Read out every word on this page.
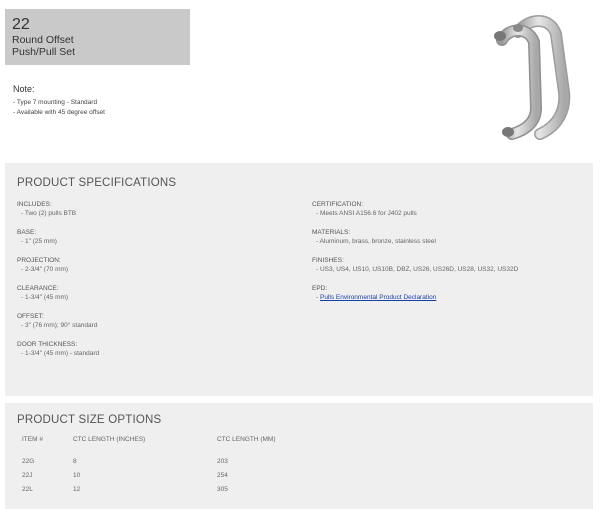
22
Round Offset
Push/Pull Set
Note:
- Type 7 mounting - Standard
- Available with 45 degree offset
PRODUCT SPECIFICATIONS
INCLUDES:
- Two (2) pulls BTB
BASE:
- 1" (25 mm)
PROJECTION:
- 2-3/4" (70 mm)
CLEARANCE:
- 1-3/4" (45 mm)
OFFSET:
- 3" (76 mm); 90° standard
DOOR THICKNESS:
- 1-3/4" (45 mm) - standard
CERTIFICATION:
- Meets ANSI A156.6 for J402 pulls
MATERIALS:
- Aluminum, brass, bronze, stainless steel
FINISHES:
- US3, US4, US10, US10B, DBZ, US26, US26D, US28, US32, US32D
EPD:
- Pulls Environmental Product Declaration
PRODUCT SIZE OPTIONS
ITEM #	CTC LENGTH (INCHES)	CTC LENGTH (MM)
22G	8	203
22J	10	254
22L	12	305
